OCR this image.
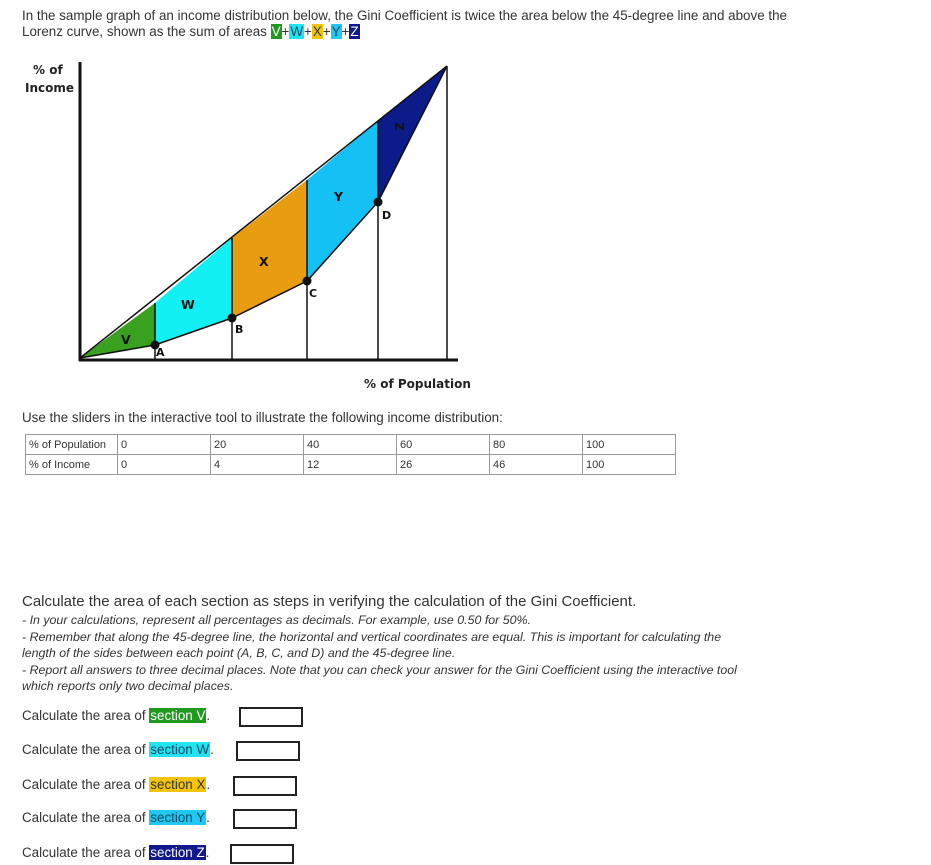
In the sample graph of an income distribution below, the Gini Coefficient is twice the area below the 45-degree line and above the
Lorenz curve, shown as the sum of areas V+W+X+Y+Z
% of
Income
% of Population
A
B
C
D
V
W
X
Y
Z
Use the sliders in the interactive tool to illustrate the following income distribution:
% of Population	0	20	40	60	80	100
% of Income	0	4	12	26	46	100
Calculate the area of each section as steps in verifying the calculation of the Gini Coefficient.
- In your calculations, represent all percentages as decimals. For example, use 0.50 for 50%.
- Remember that along the 45-degree line, the horizontal and vertical coordinates are equal. This is important for calculating the
length of the sides between each point (A, B, C, and D) and the 45-degree line.
- Report all answers to three decimal places. Note that you can check your answer for the Gini Coefficient using the interactive tool
which reports only two decimal places.
Calculate the area of section V.
Calculate the area of section W.
Calculate the area of section X.
Calculate the area of section Y.
Calculate the area of section Z.
